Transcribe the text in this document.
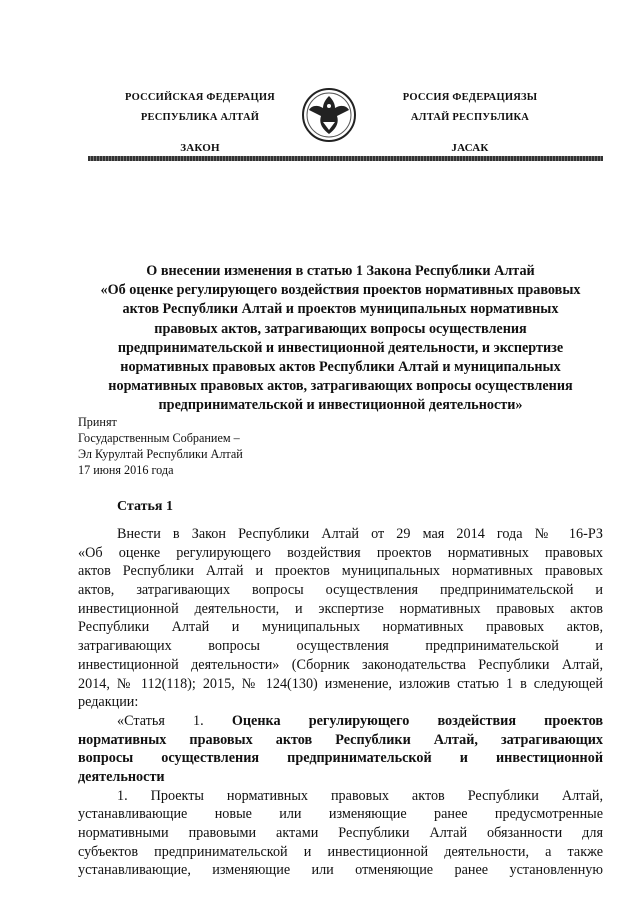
РОССИЙСКАЯ ФЕДЕРАЦИЯ
РЕСПУБЛИКА АЛТАЙ
ЗАКОН
РОССИЯ ФЕДЕРАЦИЯЗЫ
АЛТАЙ РЕСПУБЛИКА
JАСАК
О внесении изменения в статью 1 Закона Республики Алтай
«Об оценке регулирующего воздействия проектов нормативных правовых
актов Республики Алтай и проектов муниципальных нормативных
правовых актов, затрагивающих вопросы осуществления
предпринимательской и инвестиционной деятельности, и экспертизе
нормативных правовых актов Республики Алтай и муниципальных
нормативных правовых актов, затрагивающих вопросы осуществления
предпринимательской и инвестиционной деятельности»
Принят
Государственным Собранием –
Эл Курултай Республики Алтай
17 июня 2016 года
Статья 1
Внести в Закон Республики Алтай от 29 мая 2014 года № 16-РЗ
«Об оценке регулирующего воздействия проектов нормативных правовых
актов Республики Алтай и проектов муниципальных нормативных правовых
актов, затрагивающих вопросы осуществления предпринимательской и
инвестиционной деятельности, и экспертизе нормативных правовых актов
Республики Алтай и муниципальных нормативных правовых актов,
затрагивающих вопросы осуществления предпринимательской и
инвестиционной деятельности» (Сборник законодательства Республики Алтай,
2014, № 112(118); 2015, № 124(130) изменение, изложив статью 1 в следующей
редакции:
«Статья 1. Оценка регулирующего воздействия проектов
нормативных правовых актов Республики Алтай, затрагивающих
вопросы осуществления предпринимательской и инвестиционной
деятельности
1. Проекты нормативных правовых актов Республики Алтай,
устанавливающие новые или изменяющие ранее предусмотренные
нормативными правовыми актами Республики Алтай обязанности для
субъектов предпринимательской и инвестиционной деятельности, а также
устанавливающие, изменяющие или отменяющие ранее установленную
